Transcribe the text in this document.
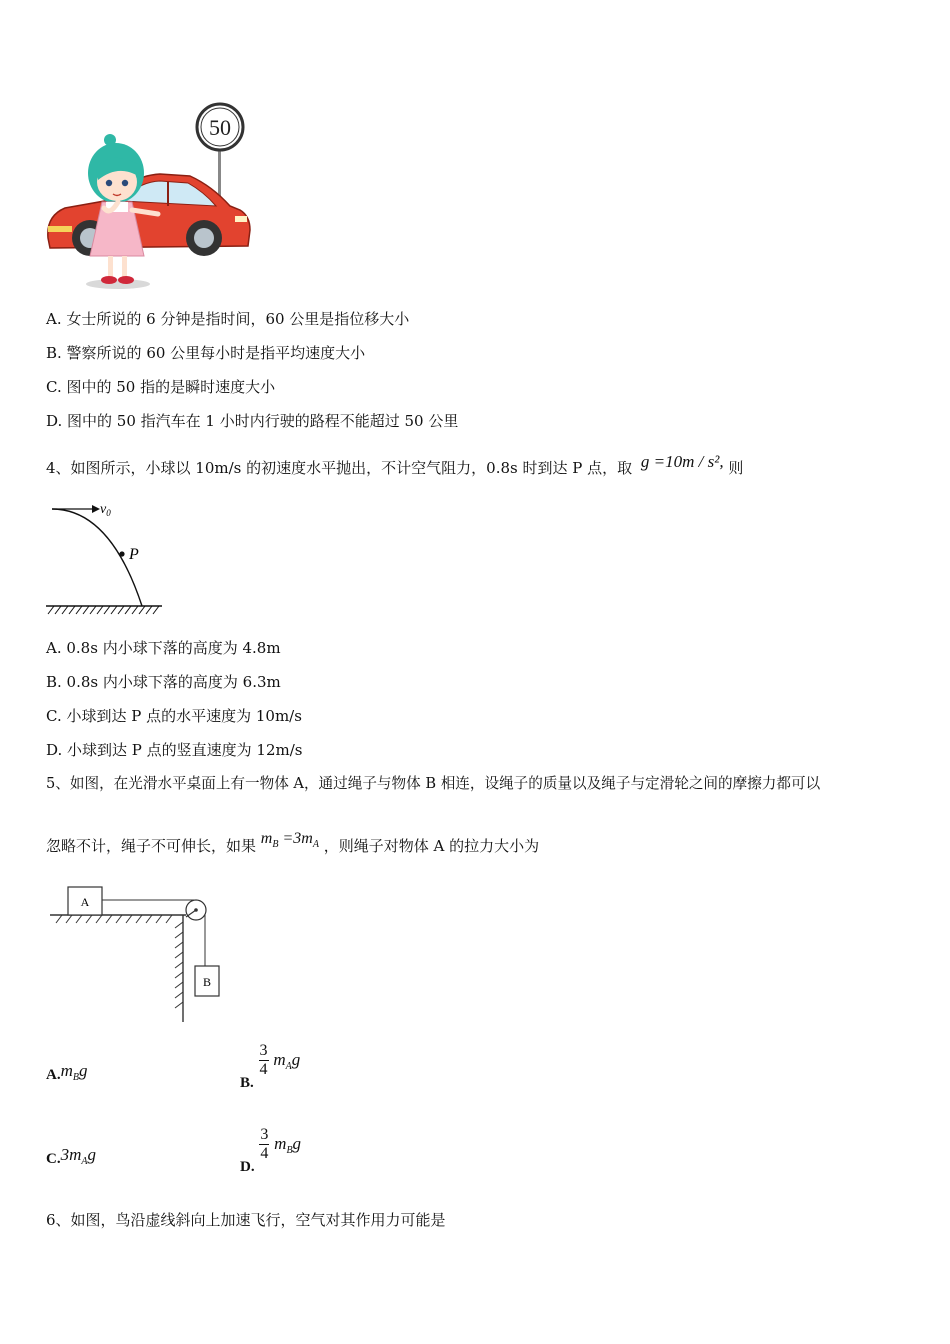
50
A. 女士所说的 6 分钟是指时间，60 公里是指位移大小
B. 警察所说的 60 公里每小时是指平均速度大小
C. 图中的 50 指的是瞬时速度大小
D. 图中的 50 指汽车在 1 小时内行驶的路程不能超过 50 公里
4、如图所示，小球以 10m/s 的初速度水平抛出，不计空气阻力，0.8s 时到达 P 点，取 g =10m / s², 则
$v_0$
P
A. 0.8s 内小球下落的高度为 4.8m
B. 0.8s 内小球下落的高度为 6.3m
C. 小球到达 P 点的水平速度为 10m/s
D. 小球到达 P 点的竖直速度为 12m/s
5、如图，在光滑水平桌面上有一物体 A，通过绳子与物体 B 相连，设绳子的质量以及绳子与定滑轮之间的摩擦力都可以
忽略不计，绳子不可伸长，如果 $m_B =3m_A$ ，则绳子对物体 A 的拉力大小为
A
B
$A.m_Bg$
B.
$\frac{3}{4} m_Ag$
$C.3m_Ag$
D.
$\frac{3}{4} m_Bg$
6、如图，鸟沿虚线斜向上加速飞行，空气对其作用力可能是
